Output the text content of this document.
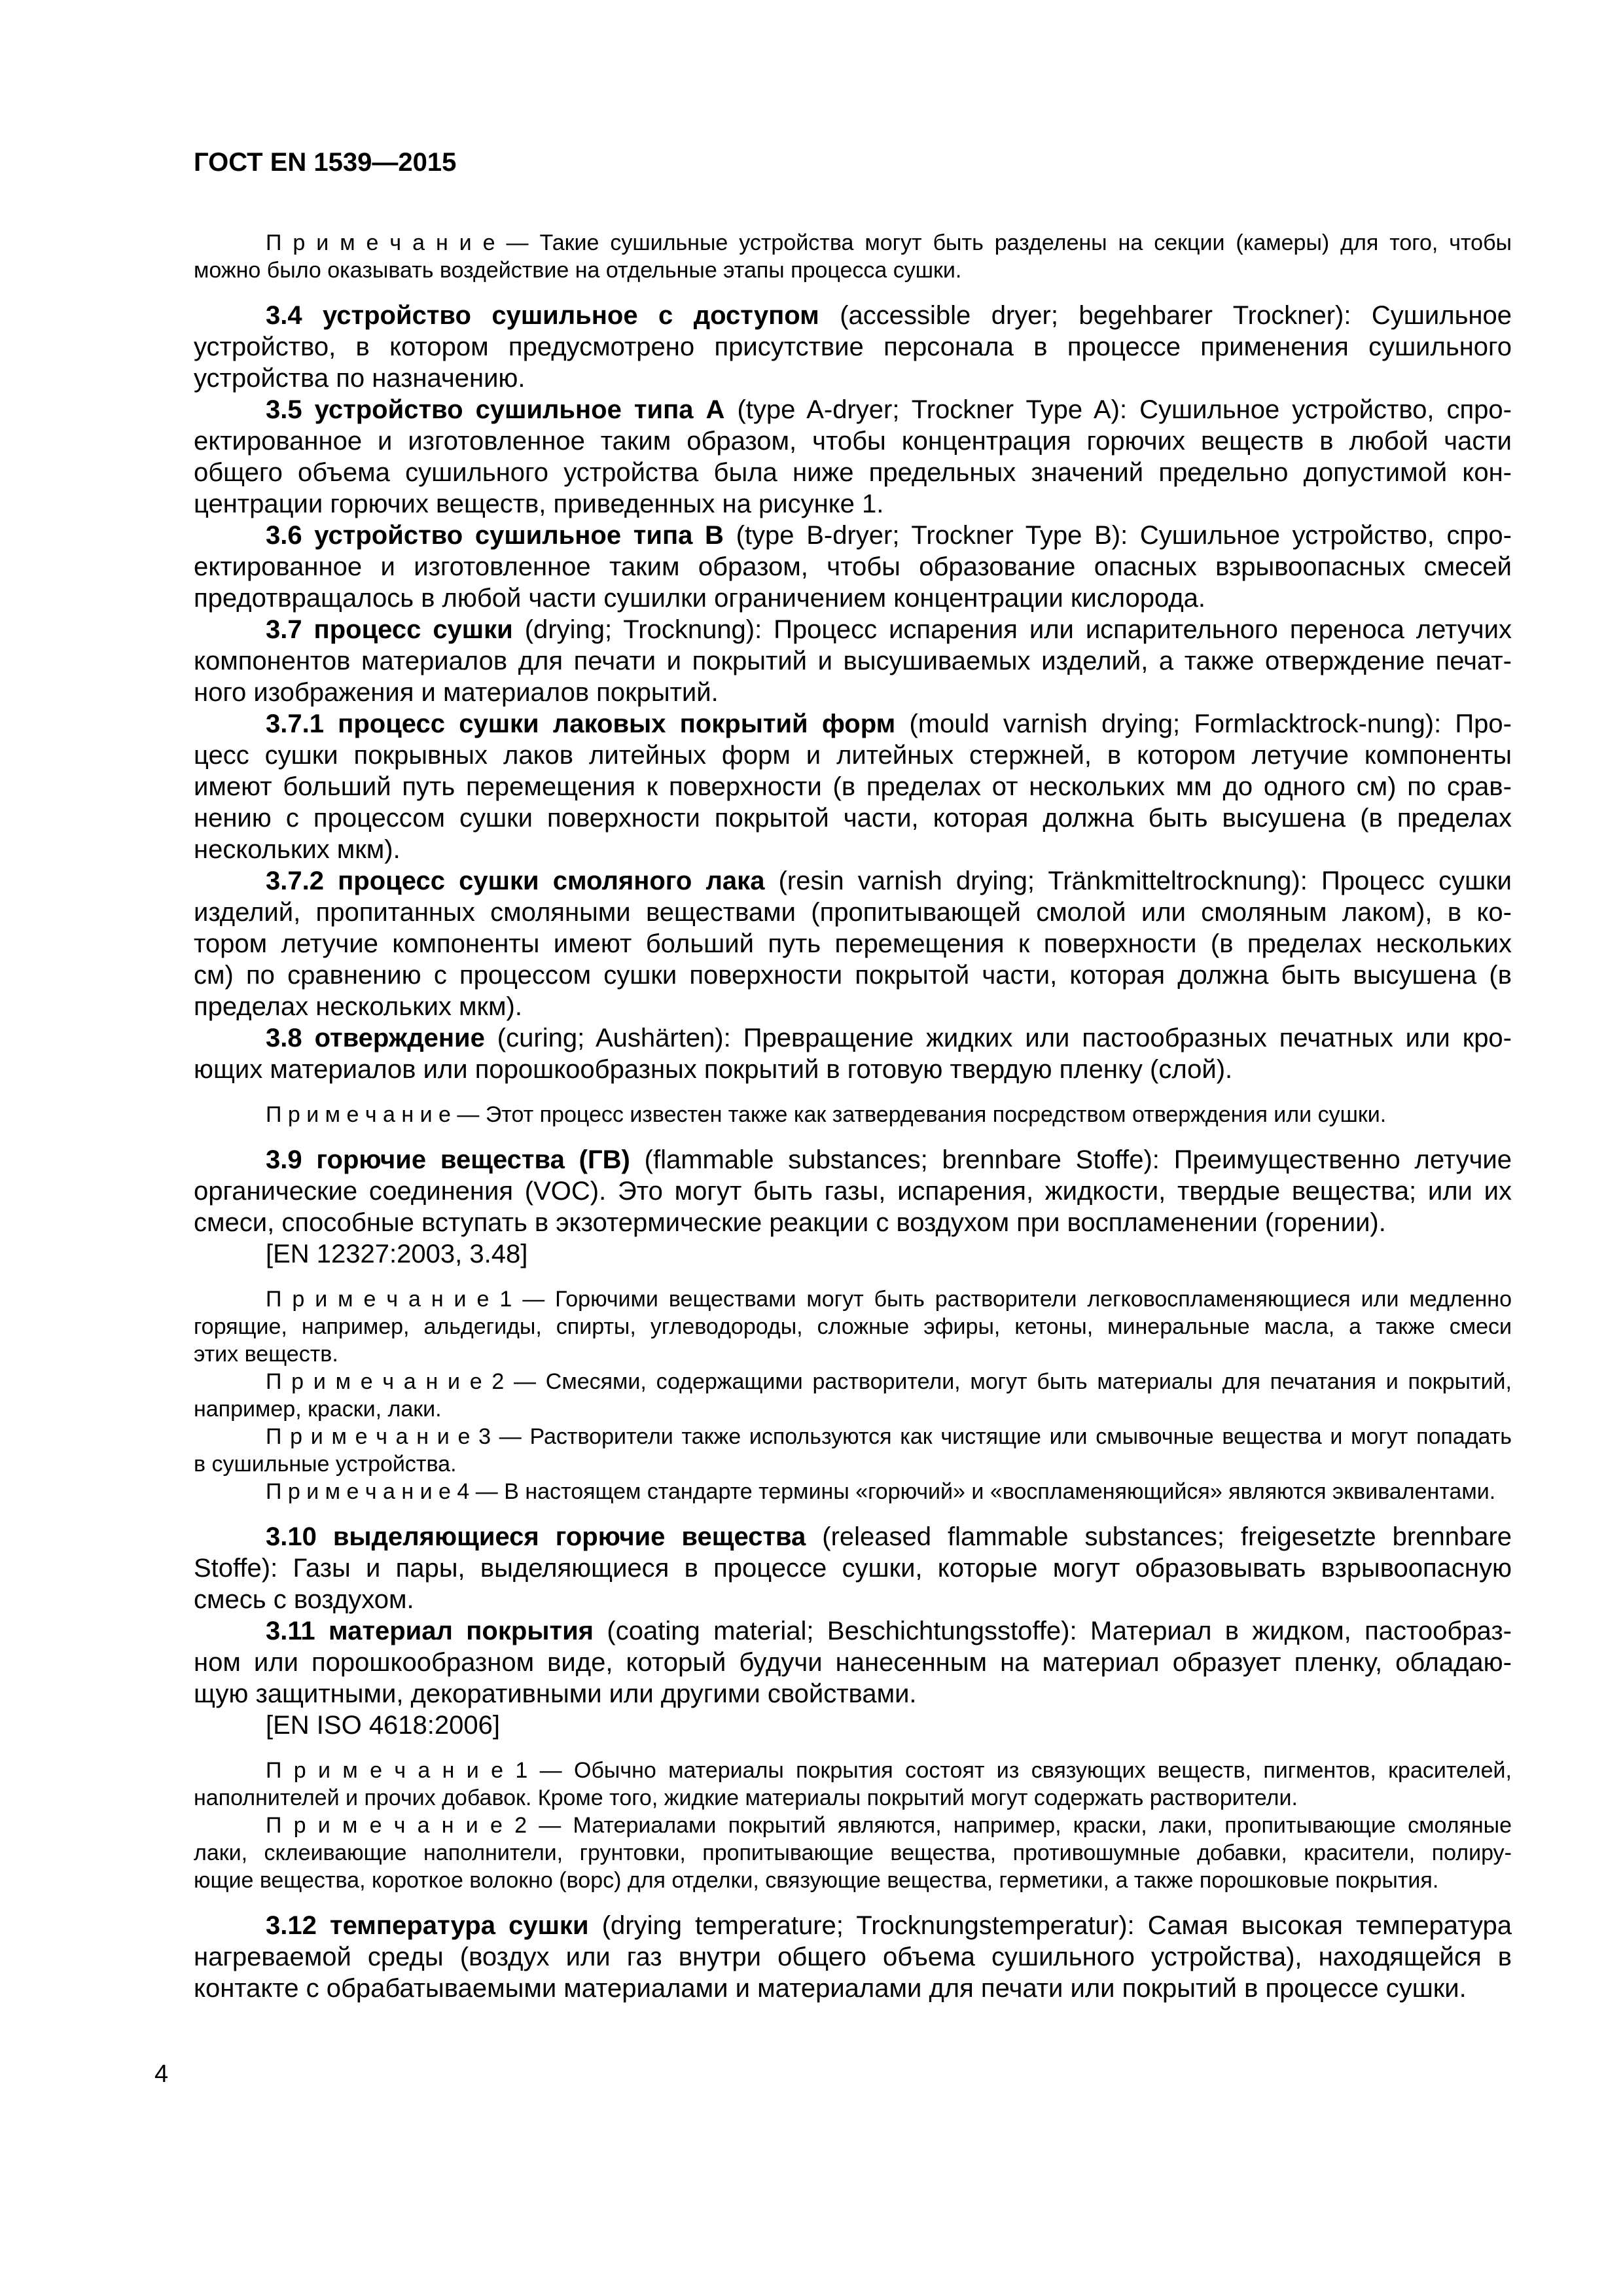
ГОСТ EN 1539—2015
П р и м е ч а н и е — Такие сушильные устройства могут быть разделены на секции (камеры) для того, чтобы
можно было оказывать воздействие на отдельные этапы процесса сушки.
3.4 устройство сушильное с доступом (accessible dryer; begehbarer Trockner): Сушильное
устройство, в котором предусмотрено присутствие персонала в процессе применения сушильного
устройства по назначению.
3.5 устройство сушильное типа А (type A-dryer; Trockner Type A): Сушильное устройство, спро-
ектированное и изготовленное таким образом, чтобы концентрация горючих веществ в любой части
общего объема сушильного устройства была ниже предельных значений предельно допустимой кон-
центрации горючих веществ, приведенных на рисунке 1.
3.6 устройство сушильное типа В (type B-dryer; Trockner Type B): Сушильное устройство, спро-
ектированное и изготовленное таким образом, чтобы образование опасных взрывоопасных смесей
предотвращалось в любой части сушилки ограничением концентрации кислорода.
3.7 процесс сушки (drying; Trocknung): Процесс испарения или испарительного переноса летучих
компонентов материалов для печати и покрытий и высушиваемых изделий, а также отверждение печат-
ного изображения и материалов покрытий.
3.7.1 процесс сушки лаковых покрытий форм (mould varnish drying; Formlacktrock-nung): Про-
цесс сушки покрывных лаков литейных форм и литейных стержней, в котором летучие компоненты
имеют больший путь перемещения к поверхности (в пределах от нескольких мм до одного см) по срав-
нению с процессом сушки поверхности покрытой части, которая должна быть высушена (в пределах
нескольких мкм).
3.7.2 процесс сушки смоляного лака (resin varnish drying; Tränkmitteltrocknung): Процесс сушки
изделий, пропитанных смоляными веществами (пропитывающей смолой или смоляным лаком), в ко-
тором летучие компоненты имеют больший путь перемещения к поверхности (в пределах нескольких
см) по сравнению с процессом сушки поверхности покрытой части, которая должна быть высушена (в
пределах нескольких мкм).
3.8 отверждение (curing; Aushärten): Превращение жидких или пастообразных печатных или кро-
ющих материалов или порошкообразных покрытий в готовую твердую пленку (слой).
П р и м е ч а н и е — Этот процесс известен также как затвердевания посредством отверждения или сушки.
3.9 горючие вещества (ГВ) (flammable substances; brennbare Stoffe): Преимущественно летучие
органические соединения (VOC). Это могут быть газы, испарения, жидкости, твердые вещества; или их
смеси, способные вступать в экзотермические реакции с воздухом при воспламенении (горении).
[EN 12327:2003, 3.48]
П р и м е ч а н и е 1 — Горючими веществами могут быть растворители легковоспламеняющиеся или медленно
горящие, например, альдегиды, спирты, углеводороды, сложные эфиры, кетоны, минеральные масла, а также смеси
этих веществ.
П р и м е ч а н и е 2 — Смесями, содержащими растворители, могут быть материалы для печатания и покрытий,
например, краски, лаки.
П р и м е ч а н и е 3 — Растворители также используются как чистящие или смывочные вещества и могут попадать
в сушильные устройства.
П р и м е ч а н и е 4 — В настоящем стандарте термины «горючий» и «воспламеняющийся» являются эквивалентами.
3.10 выделяющиеся горючие вещества (released flammable substances; freigesetzte brennbare
Stoffe): Газы и пары, выделяющиеся в процессе сушки, которые могут образовывать взрывоопасную
смесь с воздухом.
3.11 материал покрытия (coating material; Beschichtungsstoffe): Материал в жидком, пастообраз-
ном или порошкообразном виде, который будучи нанесенным на материал образует пленку, обладаю-
щую защитными, декоративными или другими свойствами.
[EN ISO 4618:2006]
П р и м е ч а н и е 1 — Обычно материалы покрытия состоят из связующих веществ, пигментов, красителей,
наполнителей и прочих добавок. Кроме того, жидкие материалы покрытий могут содержать растворители.
П р и м е ч а н и е 2 — Материалами покрытий являются, например, краски, лаки, пропитывающие смоляные
лаки, склеивающие наполнители, грунтовки, пропитывающие вещества, противошумные добавки, красители, полиру-
ющие вещества, короткое волокно (ворс) для отделки, связующие вещества, герметики, а также порошковые покрытия.
3.12 температура сушки (drying temperature; Trocknungstemperatur): Самая высокая температура
нагреваемой среды (воздух или газ внутри общего объема сушильного устройства), находящейся в
контакте с обрабатываемыми материалами и материалами для печати или покрытий в процессе сушки.
4
